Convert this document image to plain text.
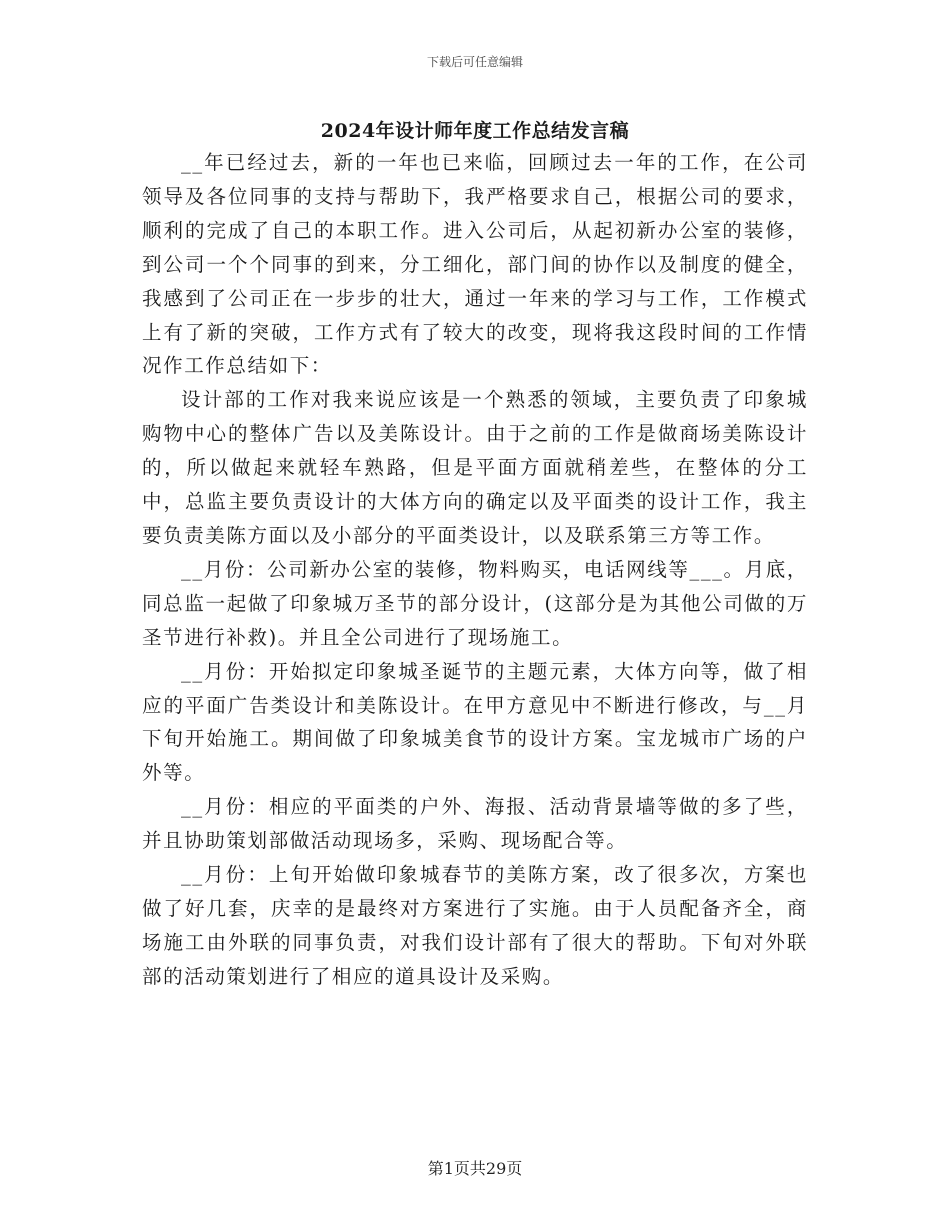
下载后可任意编辑
2024年设计师年度工作总结发言稿

__年已经过去，新的一年也已来临，回顾过去一年的工作，在公司领导及各位同事的支持与帮助下，我严格要求自己，根据公司的要求，顺利的完成了自己的本职工作。进入公司后，从起初新办公室的装修，到公司一个个同事的到来，分工细化，部门间的协作以及制度的健全，我感到了公司正在一步步的壮大，通过一年来的学习与工作，工作模式上有了新的突破，工作方式有了较大的改变，现将我这段时间的工作情况作工作总结如下：

设计部的工作对我来说应该是一个熟悉的领域，主要负责了印象城购物中心的整体广告以及美陈设计。由于之前的工作是做商场美陈设计的，所以做起来就轻车熟路，但是平面方面就稍差些，在整体的分工中，总监主要负责设计的大体方向的确定以及平面类的设计工作，我主要负责美陈方面以及小部分的平面类设计，以及联系第三方等工作。

__月份：公司新办公室的装修，物料购买，电话网线等___。月底，同总监一起做了印象城万圣节的部分设计，(这部分是为其他公司做的万圣节进行补救)。并且全公司进行了现场施工。

__月份：开始拟定印象城圣诞节的主题元素，大体方向等，做了相应的平面广告类设计和美陈设计。在甲方意见中不断进行修改，与__月下旬开始施工。期间做了印象城美食节的设计方案。宝龙城市广场的户外等。

__月份：相应的平面类的户外、海报、活动背景墙等做的多了些，并且协助策划部做活动现场多，采购、现场配合等。

__月份：上旬开始做印象城春节的美陈方案，改了很多次，方案也做了好几套，庆幸的是最终对方案进行了实施。由于人员配备齐全，商场施工由外联的同事负责，对我们设计部有了很大的帮助。下旬对外联部的活动策划进行了相应的道具设计及采购。

第1页共29页
